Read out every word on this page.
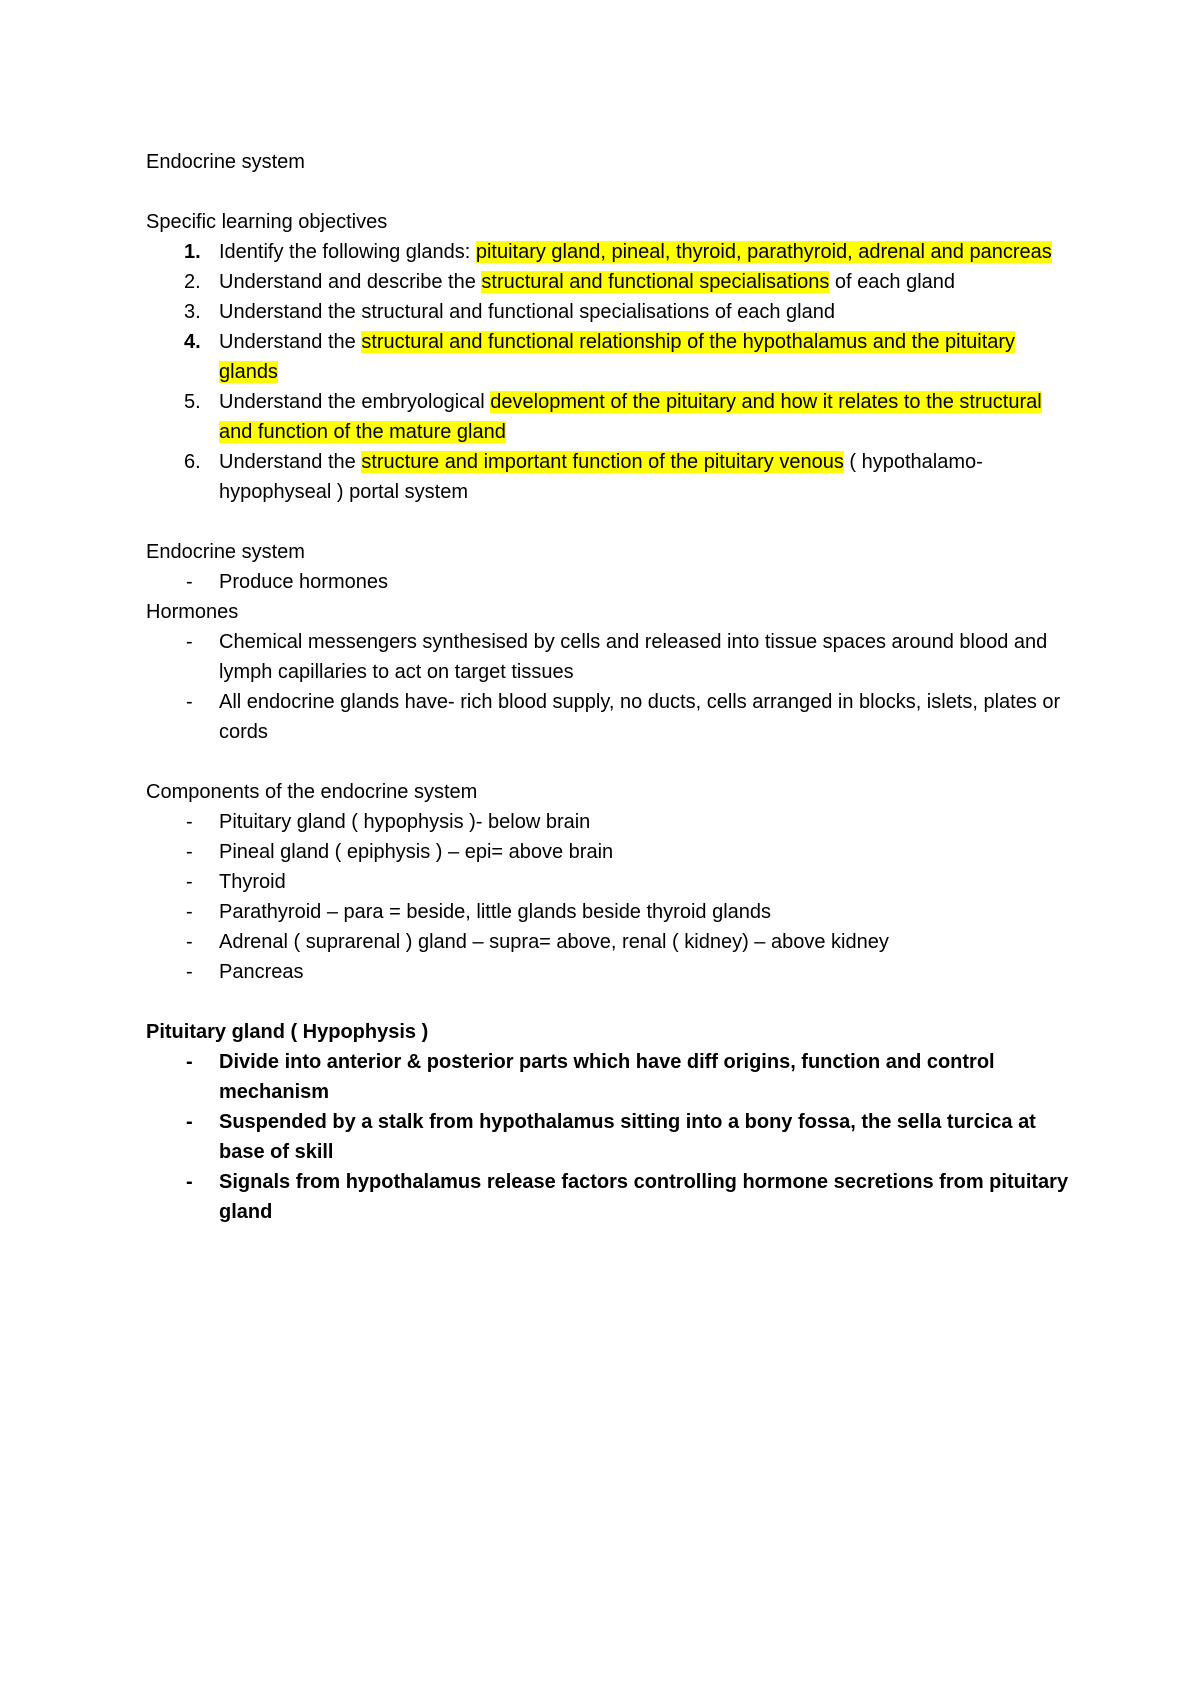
Endocrine system

Specific learning objectives

1. Identify the following glands: pituitary gland, pineal, thyroid, parathyroid, adrenal and pancreas
2. Understand and describe the structural and functional specialisations of each gland
3. Understand the structural and functional specialisations of each gland
4. Understand the structural and functional relationship of the hypothalamus and the pituitary glands
5. Understand the embryological development of the pituitary and how it relates to the structural and function of the mature gland
6. Understand the structure and important function of the pituitary venous ( hypothalamo-hypophyseal ) portal system

Endocrine system

-	Produce hormones

Hormones

-	Chemical messengers synthesised by cells and released into tissue spaces around blood and lymph capillaries to act on target tissues
-	All endocrine glands have- rich blood supply, no ducts, cells arranged in blocks, islets, plates or cords

Components of the endocrine system

-	Pituitary gland ( hypophysis )- below brain
-	Pineal gland ( epiphysis ) – epi= above brain
-	Thyroid
-	Parathyroid – para = beside, little glands beside thyroid glands
-	Adrenal ( suprarenal ) gland – supra= above, renal ( kidney) – above kidney
-	Pancreas

Pituitary gland ( Hypophysis )

-	Divide into anterior & posterior parts which have diff origins, function and control mechanism
-	Suspended by a stalk from hypothalamus sitting into a bony fossa, the sella turcica at base of skill
-	Signals from hypothalamus release factors controlling hormone secretions from pituitary gland
